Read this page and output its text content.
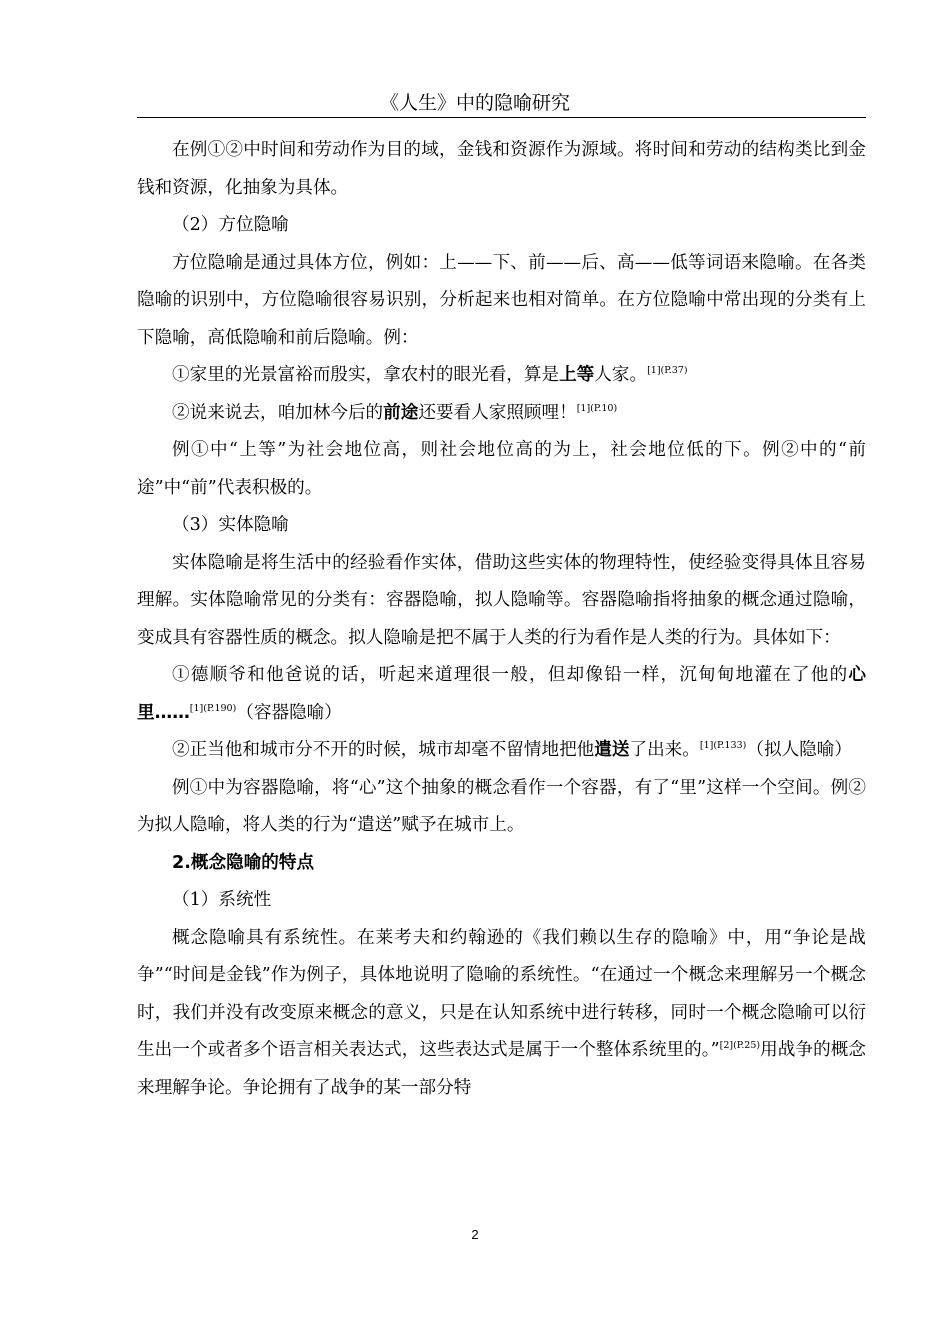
《人生》中的隐喻研究

在例①②中时间和劳动作为目的域，金钱和资源作为源域。将时间和劳动的结构类比到金钱和资源，化抽象为具体。

（2）方位隐喻

方位隐喻是通过具体方位，例如：上——下、前——后、高——低等词语来隐喻。在各类隐喻的识别中，方位隐喻很容易识别，分析起来也相对简单。在方位隐喻中常出现的分类有上下隐喻，高低隐喻和前后隐喻。例：

①家里的光景富裕而殷实，拿农村的眼光看，算是上等人家。$^{[1](P.37)}$

②说来说去，咱加林今后的前途还要看人家照顾哩！$^{[1](P.10)}$

例①中“上等”为社会地位高，则社会地位高的为上，社会地位低的下。例②中的“前途”中“前”代表积极的。

（3）实体隐喻

实体隐喻是将生活中的经验看作实体，借助这些实体的物理特性，使经验变得具体且容易理解。实体隐喻常见的分类有：容器隐喻，拟人隐喻等。容器隐喻指将抽象的概念通过隐喻，变成具有容器性质的概念。拟人隐喻是把不属于人类的行为看作是人类的行为。具体如下：

①德顺爷和他爸说的话，听起来道理很一般，但却像铅一样，沉甸甸地灌在了他的心里……$^{[1](P.190)}$（容器隐喻）

②正当他和城市分不开的时候，城市却毫不留情地把他遣送了出来。$^{[1](P.133)}$（拟人隐喻）

例①中为容器隐喻，将“心”这个抽象的概念看作一个容器，有了“里”这样一个空间。例②为拟人隐喻，将人类的行为“遣送”赋予在城市上。

2.概念隐喻的特点

（1）系统性

概念隐喻具有系统性。在莱考夫和约翰逊的《我们赖以生存的隐喻》中，用“争论是战争”“时间是金钱”作为例子，具体地说明了隐喻的系统性。“在通过一个概念来理解另一个概念时，我们并没有改变原来概念的意义，只是在认知系统中进行转移，同时一个概念隐喻可以衍生出一个或者多个语言相关表达式，这些表达式是属于一个整体系统里的。”$^{[2](P.25)}$用战争的概念来理解争论。争论拥有了战争的某一部分特

2
